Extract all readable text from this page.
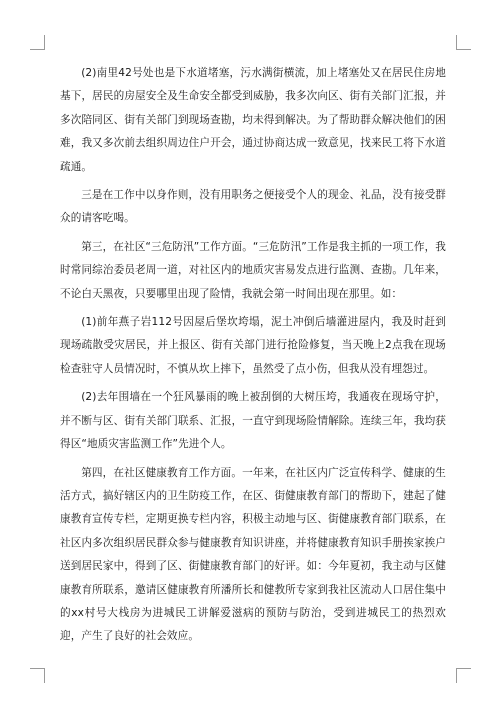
(2)南里42号处也是下水道堵塞，污水满街横流，加上堵塞处又在居民住房地基下，居民的房屋安全及生命安全都受到威胁，我多次向区、街有关部门汇报，并多次陪同区、街有关部门到现场查勘，均未得到解决。为了帮助群众解决他们的困难，我又多次前去组织周边住户开会，通过协商达成一致意见，找来民工将下水道疏通。

三是在工作中以身作则，没有用职务之便接受个人的现金、礼品，没有接受群众的请客吃喝。

第三，在社区“三危防汛”工作方面。“三危防汛”工作是我主抓的一项工作，我时常同综治委员老周一道，对社区内的地质灾害易发点进行监测、查勘。几年来，不论白天黑夜，只要哪里出现了险情，我就会第一时间出现在那里。如：

(1)前年燕子岩112号因屋后堡坎垮塌，泥土冲倒后墙灌进屋内，我及时赶到现场疏散受灾居民，并上报区、街有关部门进行抢险修复，当天晚上2点我在现场检查驻守人员情况时，不慎从坎上摔下，虽然受了点小伤，但我从没有埋怨过。

(2)去年围墙在一个狂风暴雨的晚上被刮倒的大树压垮，我通夜在现场守护，并不断与区、街有关部门联系、汇报，一直守到现场险情解除。连续三年，我均获得区“地质灾害监测工作”先进个人。

第四，在社区健康教育工作方面。一年来，在社区内广泛宣传科学、健康的生活方式，搞好辖区内的卫生防疫工作，在区、街健康教育部门的帮助下，建起了健康教育宣传专栏，定期更换专栏内容，积极主动地与区、街健康教育部门联系，在社区内多次组织居民群众参与健康教育知识讲座，并将健康教育知识手册挨家挨户送到居民家中，得到了区、街健康教育部门的好评。如：今年夏初，我主动与区健康教育所联系，邀请区健康教育所潘所长和健教所专家到我社区流动人口居住集中的xx村号大栈房为进城民工讲解爱滋病的预防与防治，受到进城民工的热烈欢迎，产生了良好的社会效应。
